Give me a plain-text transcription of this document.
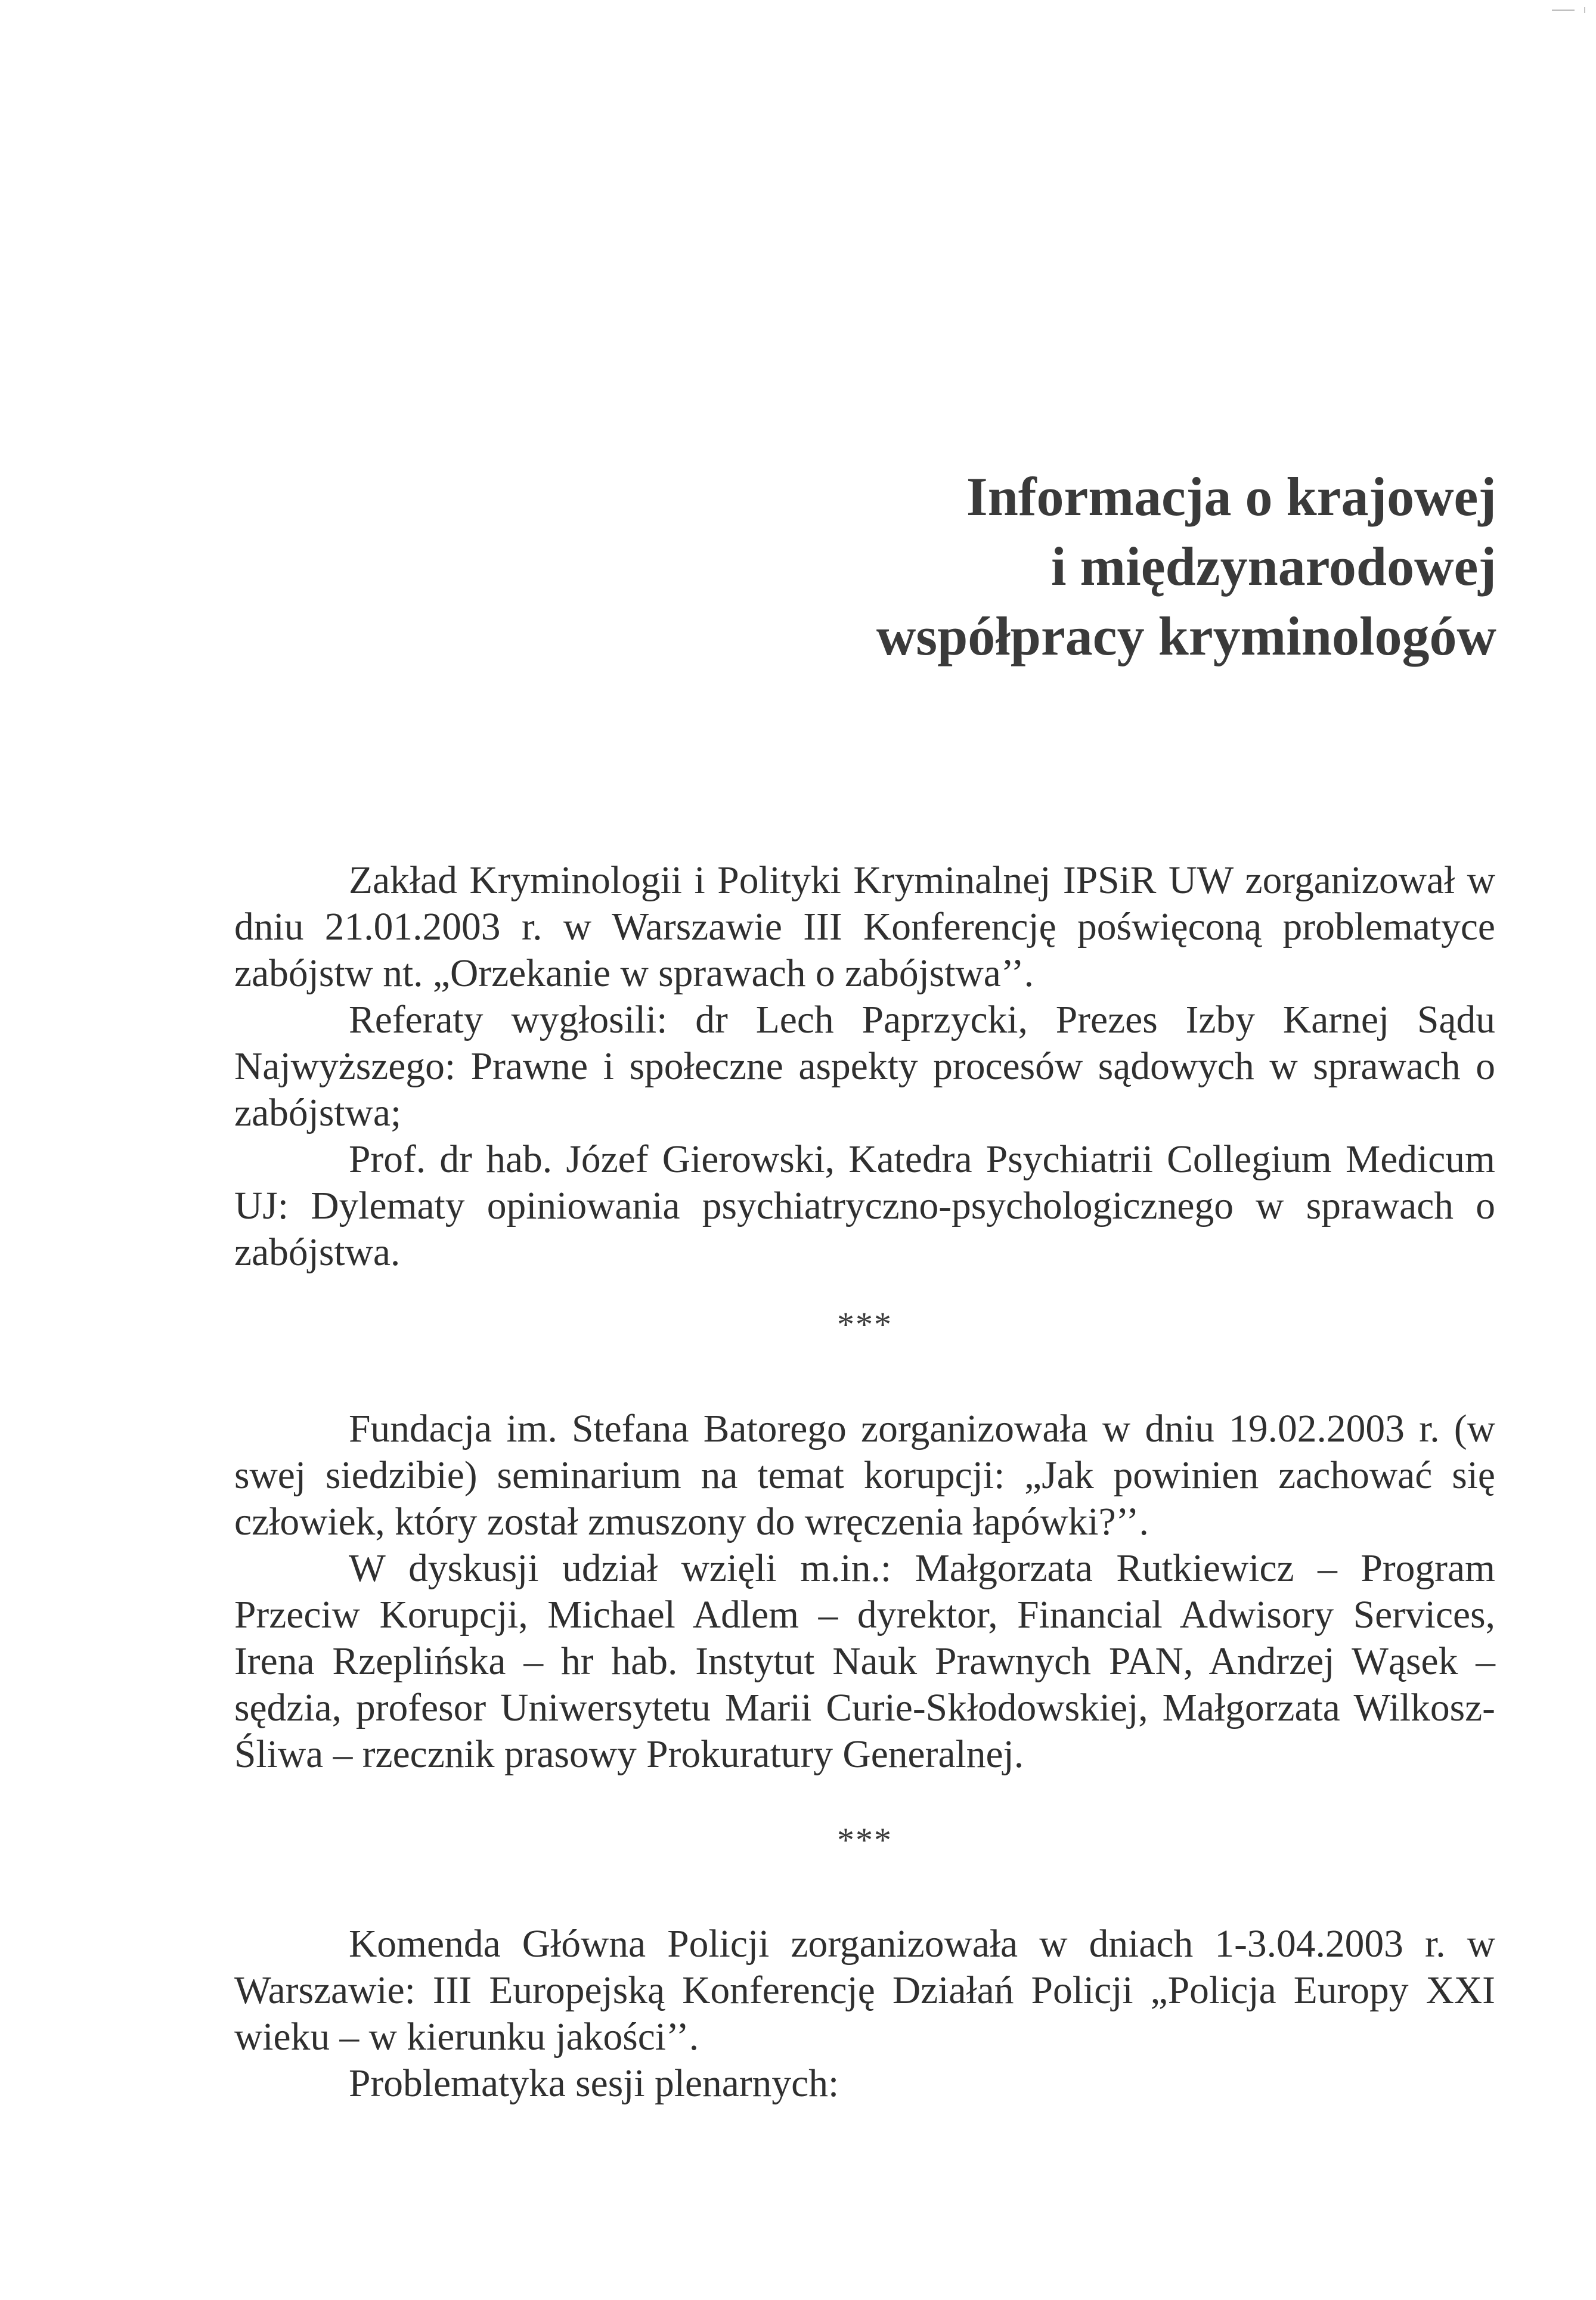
Informacja o krajowej
i międzynarodowej
współpracy kryminologów

Zakład Kryminologii i Polityki Kryminalnej IPSiR UW zorganizował w dniu 21.01.2003 r. w Warszawie III Konferencję poświęconą problematyce zabójstw nt. „Orzekanie w sprawach o zabójstwa’’.

Referaty wygłosili: dr Lech Paprzycki, Prezes Izby Karnej Sądu Najwyższego: Prawne i społeczne aspekty procesów sądowych w sprawach o zabójstwa;

Prof. dr hab. Józef Gierowski, Katedra Psychiatrii Collegium Medicum UJ: Dylematy opiniowania psychiatryczno-psychologicznego w sprawach o zabójstwa.

***

Fundacja im. Stefana Batorego zorganizowała w dniu 19.02.2003 r. (w swej siedzibie) seminarium na temat korupcji: „Jak powinien zachować się człowiek, który został zmuszony do wręczenia łapówki?’’.

W dyskusji udział wzięli m.in.: Małgorzata Rutkiewicz – Program Przeciw Korupcji, Michael Adlem – dyrektor, Financial Adwisory Services, Irena Rzeplińska – hr hab. Instytut Nauk Prawnych PAN, Andrzej Wąsek – sędzia, profesor Uniwersytetu Marii Curie-Skłodowskiej, Małgorzata Wilkosz-Śliwa – rzecznik prasowy Prokuratury Generalnej.

***

Komenda Główna Policji zorganizowała w dniach 1-3.04.2003 r. w Warszawie: III Europejską Konferencję Działań Policji „Policja Europy XXI wieku – w kierunku jakości’’.

Problematyka sesji plenarnych:
